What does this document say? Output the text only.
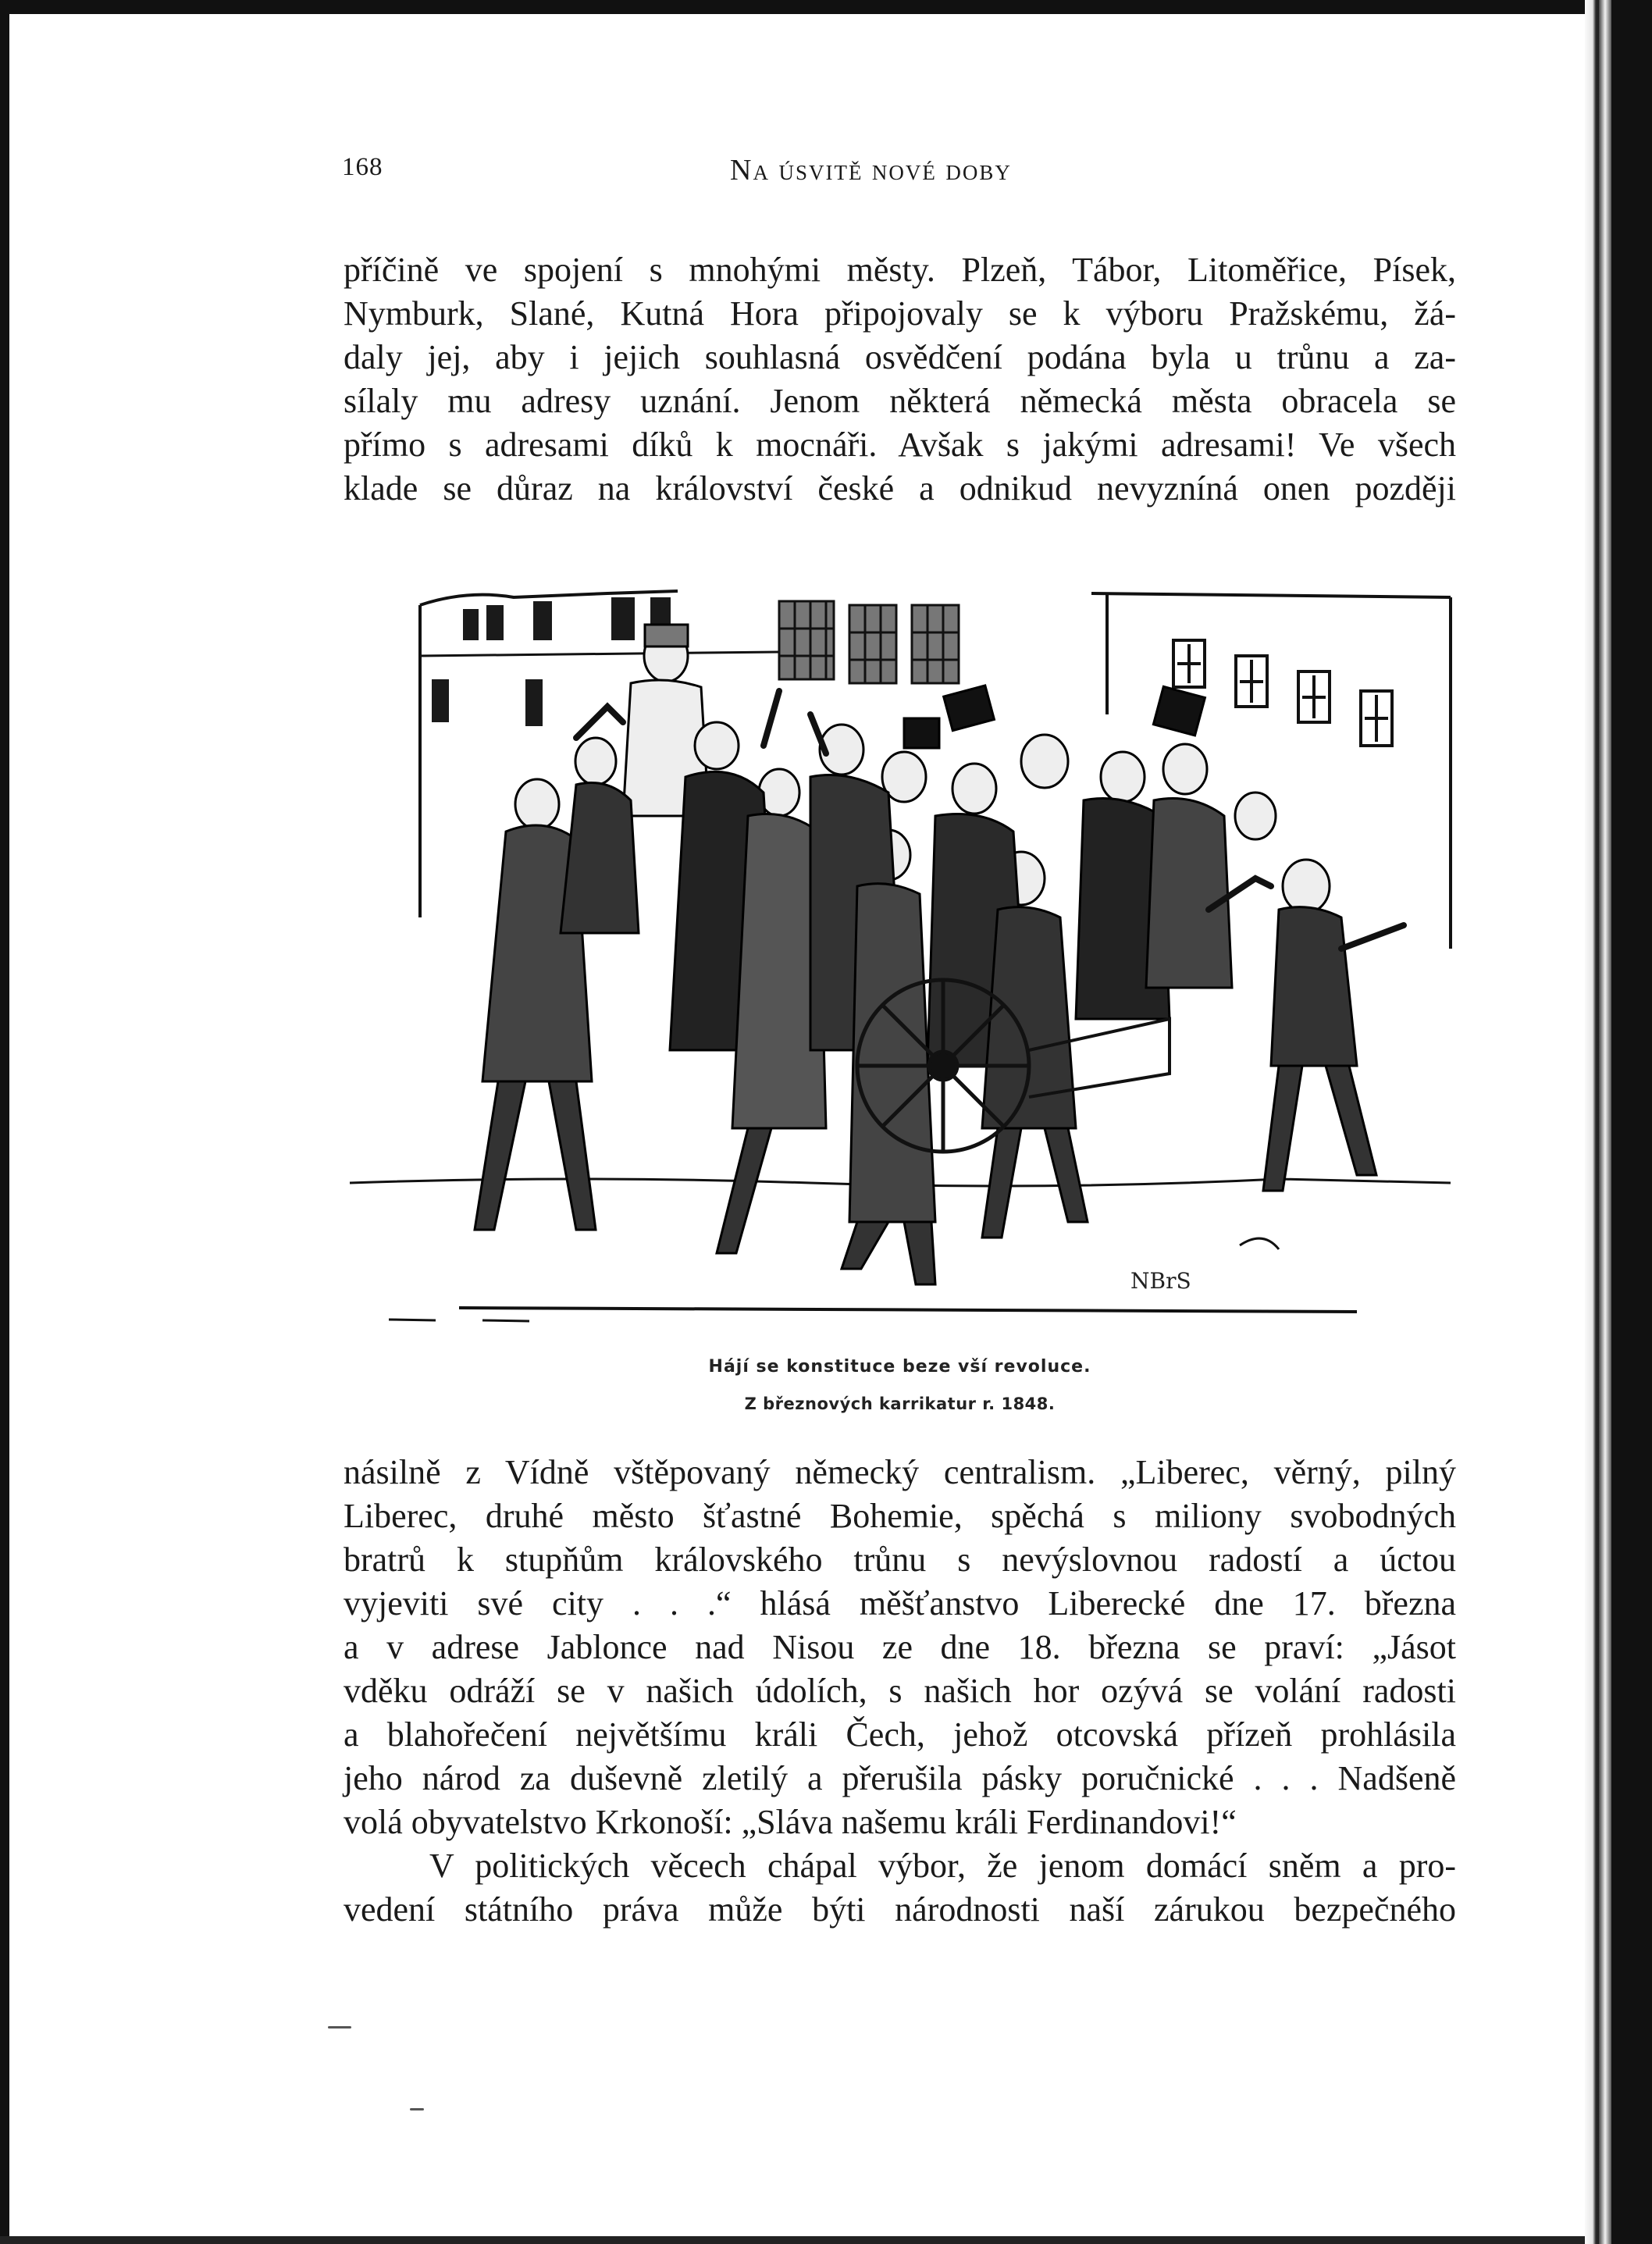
168	Na úsvitě nové doby
příčině ve spojení s mnohými městy. Plzeň, Tábor, Litoměřice, Písek,
Nymburk, Slané, Kutná Hora připojovaly se k výboru Pražskému, žá-
daly jej, aby i jejich souhlasná osvědčení podána byla u trůnu a za-
sílaly mu adresy uznání. Jenom některá německá města obracela se
přímo s adresami díků k mocnáři. Avšak s jakými adresami! Ve všech
klade se důraz na království české a odnikud nevyzníná onen později
NBrS
Hájí se konstituce beze vší revoluce.
Z březnových karrikatur r. 1848.
násilně z Vídně vštěpovaný německý centralism. „Liberec, věrný, pilný
Liberec, druhé město šťastné Bohemie, spěchá s miliony svobodných
bratrů k stupňům královského trůnu s nevýslovnou radostí a úctou
vyjeviti své city . . .“ hlásá měšťanstvo Liberecké dne 17. března
a v adrese Jablonce nad Nisou ze dne 18. března se praví: „Jásot
vděku odráží se v našich údolích, s našich hor ozývá se volání radosti
a blahořečení největšímu králi Čech, jehož otcovská přízeň prohlásila
jeho národ za duševně zletilý a přerušila pásky poručnické . . . Nadšeně
volá obyvatelstvo Krkonoší: „Sláva našemu králi Ferdinandovi!“
V politických věcech chápal výbor, že jenom domácí sněm a pro-
vedení státního práva může býti národnosti naší zárukou bezpečného
